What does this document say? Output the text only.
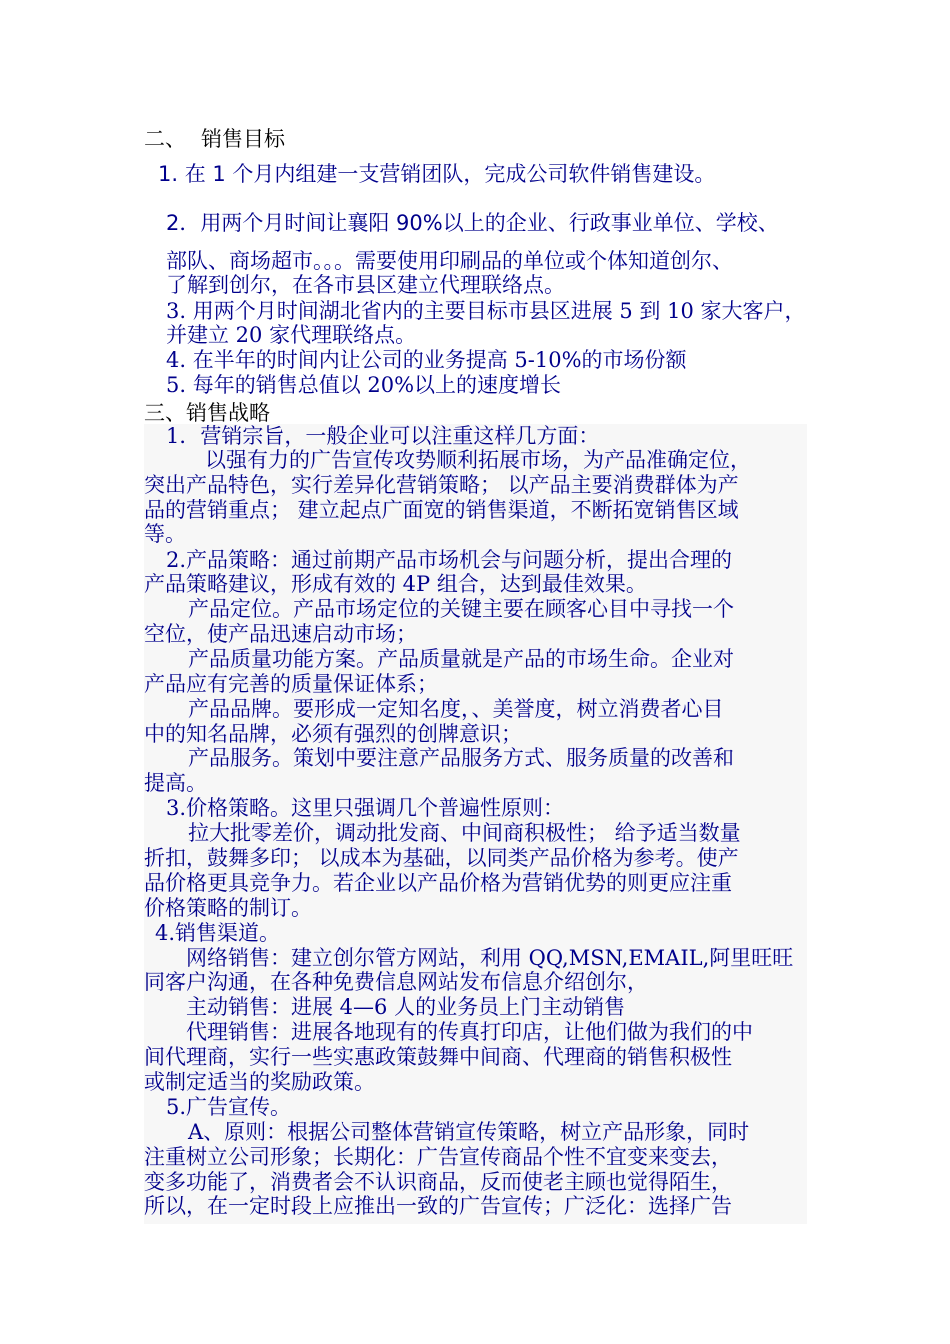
二、 销售目标
1. 在 1 个月内组建一支营销团队，完成公司软件销售建设。
2．用两个月时间让襄阳 90%以上的企业、行政事业单位、学校、
部队、商场超市。。。需要使用印刷品的单位或个体知道创尔、
了解到创尔，在各市县区建立代理联络点。
3. 用两个月时间湖北省内的主要目标市县区进展 5 到 10 家大客户，
并建立 20 家代理联络点。
4. 在半年的时间内让公司的业务提高 5-10%的市场份额
5. 每年的销售总值以 20%以上的速度增长
三、销售战略
1．营销宗旨，一般企业可以注重这样几方面：
以强有力的广告宣传攻势顺利拓展市场，为产品准确定位，
突出产品特色，实行差异化营销策略； 以产品主要消费群体为产
品的营销重点； 建立起点广面宽的销售渠道，不断拓宽销售区域
等。
2.产品策略：通过前期产品市场机会与问题分析，提出合理的
产品策略建议，形成有效的 4P 组合，达到最佳效果。
产品定位。产品市场定位的关键主要在顾客心目中寻找一个
空位，使产品迅速启动市场；
产品质量功能方案。产品质量就是产品的市场生命。企业对
产品应有完善的质量保证体系；
产品品牌。要形成一定知名度，、美誉度，树立消费者心目
中的知名品牌，必须有强烈的创牌意识；
产品服务。策划中要注意产品服务方式、服务质量的改善和
提高。
3.价格策略。这里只强调几个普遍性原则：
拉大批零差价，调动批发商、中间商积极性； 给予适当数量
折扣，鼓舞多印； 以成本为基础，以同类产品价格为参考。使产
品价格更具竞争力。若企业以产品价格为营销优势的则更应注重
价格策略的制订。
4.销售渠道。
网络销售：建立创尔管方网站，利用 QQ,MSN,EMAIL,阿里旺旺
同客户沟通，在各种免费信息网站发布信息介绍创尔，
主动销售：进展 4—6 人的业务员上门主动销售
代理销售：进展各地现有的传真打印店，让他们做为我们的中
间代理商，实行一些实惠政策鼓舞中间商、代理商的销售积极性
或制定适当的奖励政策。
5.广告宣传。
A、原则：根据公司整体营销宣传策略，树立产品形象，同时
注重树立公司形象；长期化：广告宣传商品个性不宜变来变去，
变多功能了，消费者会不认识商品，反而使老主顾也觉得陌生，
所以，在一定时段上应推出一致的广告宣传；广泛化：选择广告
